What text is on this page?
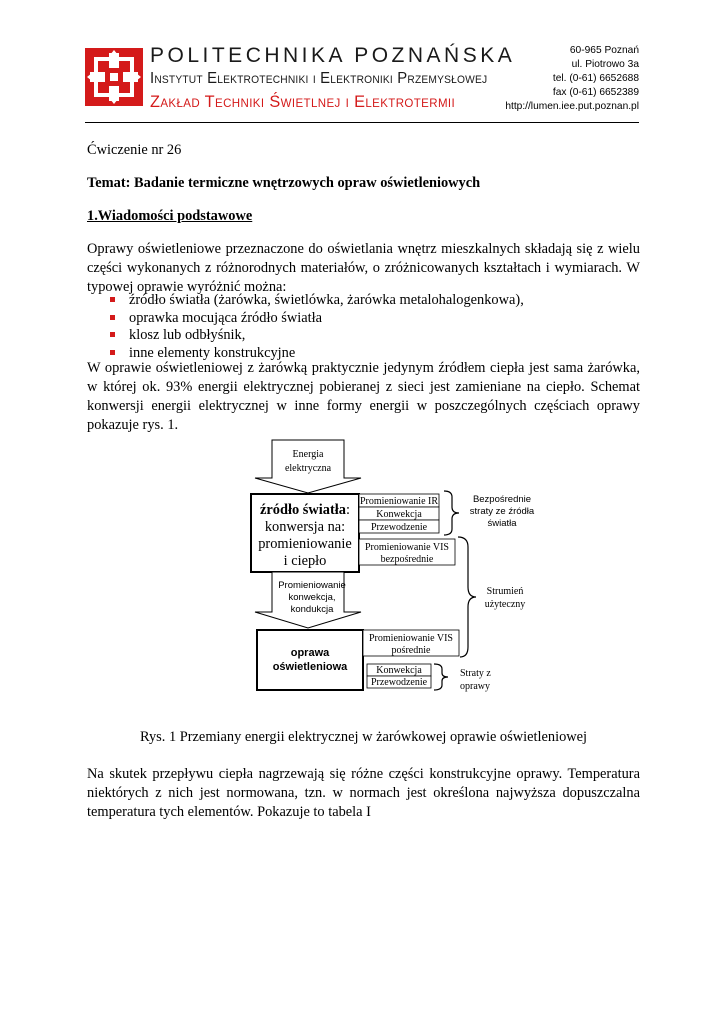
POLITECHNIKA POZNAŃSKA
Instytut Elektrotechniki i Elektroniki Przemysłowej
Zakład Techniki Świetlnej i Elektrotermii
60-965 Poznań
ul. Piotrowo 3a
tel. (0-61) 6652688
fax (0-61) 6652389
http://lumen.iee.put.poznan.pl
Ćwiczenie nr 26
Temat: Badanie termiczne wnętrzowych opraw oświetleniowych
1.Wiadomości podstawowe
Oprawy oświetleniowe przeznaczone do oświetlania wnętrz mieszkalnych składają się z wielu części wykonanych z różnorodnych materiałów, o zróżnicowanych kształtach i wymiarach. W typowej oprawie wyróżnić można:
źródło światła (żarówka, świetlówka, żarówka metalohalogenkowa),
oprawka mocująca źródło światła
klosz lub odbłyśnik,
inne elementy konstrukcyjne
W oprawie oświetleniowej z żarówką praktycznie jedynym źródłem ciepła jest sama żarówka, w której ok. 93% energii elektrycznej pobieranej z sieci jest zamieniane na ciepło. Schemat konwersji energii elektrycznej w inne formy energii w poszczególnych częściach oprawy pokazuje rys. 1.
Energia
elektryczna
źródło światła:
konwersja na:
promieniowanie
i ciepło
Promieniowanie IR
Konwekcja
Przewodzenie
Promieniowanie VIS
bezpośrednie
Promieniowanie
konwekcja,
kondukcja
oprawa
oświetleniowa
Promieniowanie VIS
pośrednie
Konwekcja
Przewodzenie
Bezpośrednie
straty ze źródła
światła
Strumień
użyteczny
Straty z
oprawy
Rys. 1 Przemiany energii elektrycznej w żarówkowej oprawie oświetleniowej
Na skutek przepływu ciepła nagrzewają się różne części konstrukcyjne oprawy. Temperatura niektórych z nich jest normowana, tzn. w normach jest określona najwyższa dopuszczalna temperatura tych elementów. Pokazuje to tabela I
